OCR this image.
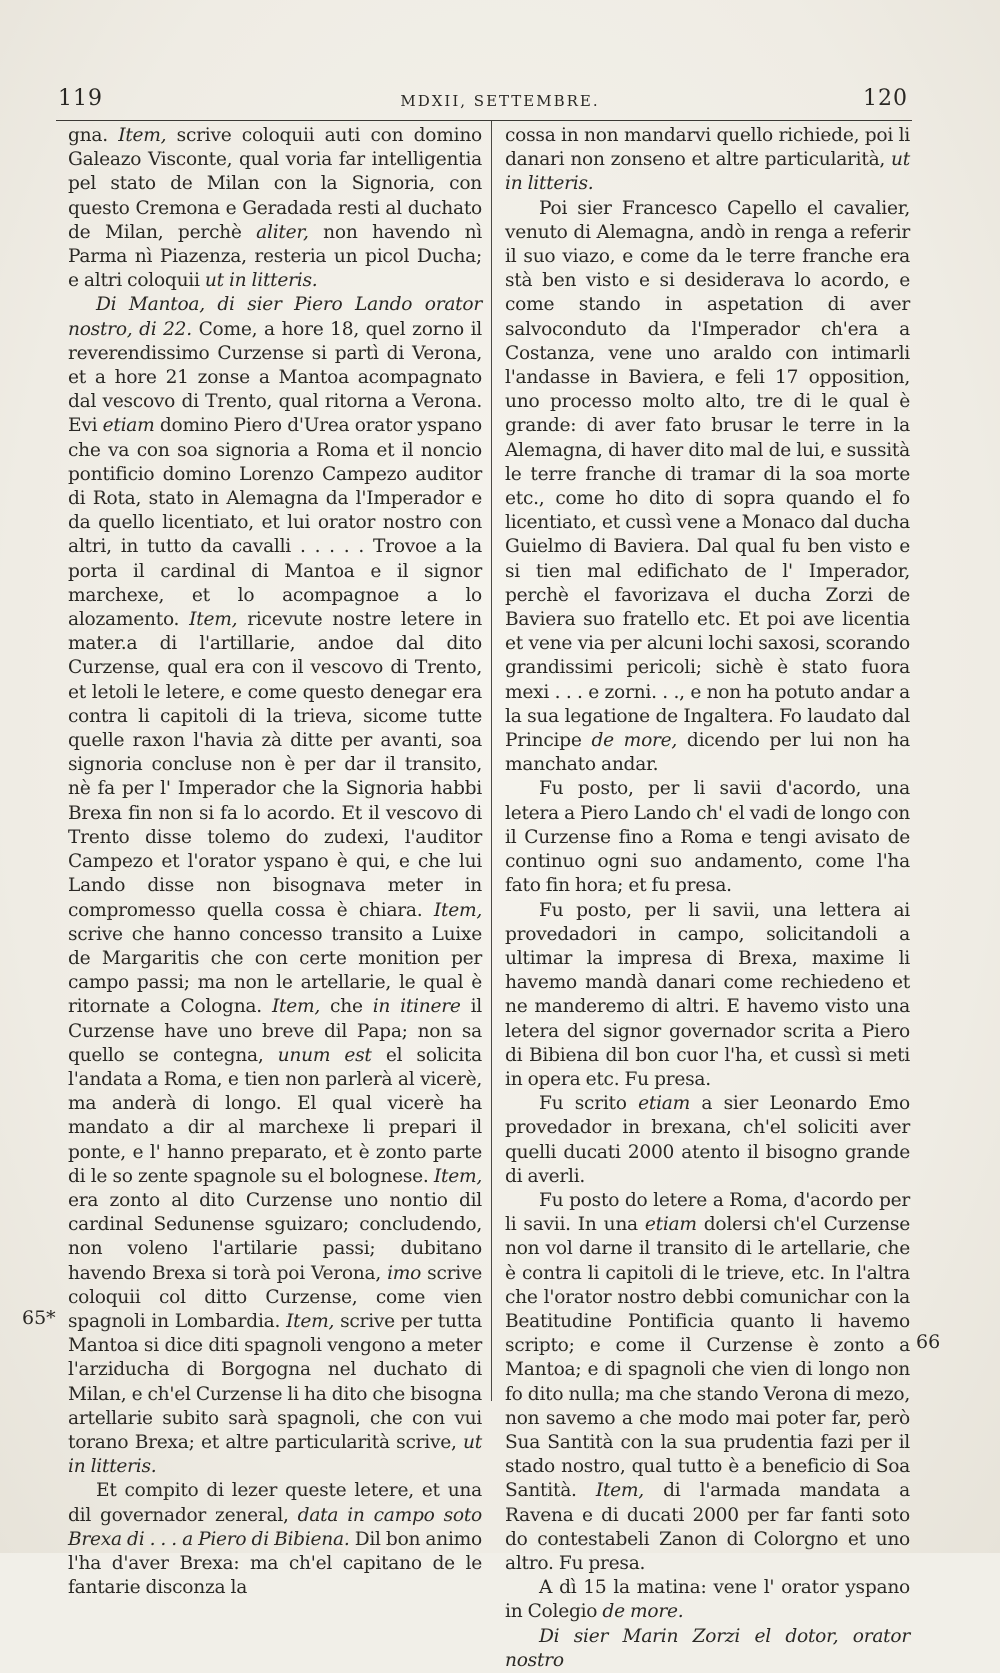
119	MDXII, SETTEMBRE.	120

gna. Item, scrive coloquii auti con domino Galeazo Visconte, qual voria far intelligentia pel stato de Milan con la Signoria, con questo Cremona e Geradada resti al duchato de Milan, perchè aliter, non havendo nì Parma nì Piazenza, resteria un picol Ducha; e altri coloquii ut in litteris.

Di Mantoa, di sier Piero Lando orator nostro, di 22. Come, a hore 18, quel zorno il reverendissimo Curzense si partì di Verona, et a hore 21 zonse a Mantoa acompagnato dal vescovo di Trento, qual ritorna a Verona. Evi etiam domino Piero d'Urea orator yspano che va con soa signoria a Roma et il noncio pontificio domino Lorenzo Campezo auditor di Rota, stato in Alemagna da l'Imperador e da quello licentiato, et lui orator nostro con altri, in tutto da cavalli . . . . . Trovoe a la porta il cardinal di Mantoa e il signor marchexe, et lo acompagnoe a lo alozamento. Item, ricevute nostre letere in mater.a di l'artillarie, andoe dal dito Curzense, qual era con il vescovo di Trento, et letoli le letere, e come questo denegar era contra li capitoli di la trieva, sicome tutte quelle raxon l'havia zà ditte per avanti, soa signoria concluse non è per dar il transito, nè fa per l' Imperador che la Signoria habbi Brexa fin non si fa lo acordo. Et il vescovo di Trento disse tolemo do zudexi, l'auditor Campezo et l'orator yspano è qui, e che lui Lando disse non bisognava meter in compromesso quella cossa è chiara. Item, scrive che hanno concesso transito a Luixe de Margaritis che con certe monition per campo passi; ma non le artellarie, le qual è ritornate a Cologna. Item, che in itinere il Curzense have uno breve dil Papa; non sa quello se contegna, unum est el solicita l'andata a Roma, e tien non parlerà al vicerè, ma anderà di longo. El qual vicerè ha mandato a dir al marchexe li prepari il ponte, e l' hanno preparato, et è zonto parte di le so zente spagnole su el bolognese. Item, era zonto al dito Curzense uno nontio dil cardinal Sedunense sguizaro; concludendo, non voleno l'artilarie passi; dubitano havendo Brexa si torà poi Verona, imo scrive coloquii col ditto Curzense, come vien spagnoli in Lombardia. Item, scrive per tutta Mantoa si dice diti spagnoli vengono a meter l'arziducha di Borgogna nel duchato di Milan, e ch'el Curzense li ha dito che bisogna artellarie subito sarà spagnoli, che con vui torano Brexa; et altre particularità scrive, ut in litteris.

Et compito di lezer queste letere, et una dil governador zeneral, data in campo soto Brexa di . . . a Piero di Bibiena. Dil bon animo l'ha d'aver Brexa: ma ch'el capitano de le fantarie disconza la

cossa in non mandarvi quello richiede, poi li danari non zonseno et altre particularità, ut in litteris.

Poi sier Francesco Capello el cavalier, venuto di Alemagna, andò in renga a referir il suo viazo, e come da le terre franche era stà ben visto e si desiderava lo acordo, e come stando in aspetation di aver salvoconduto da l'Imperador ch'era a Costanza, vene uno araldo con intimarli l'andasse in Baviera, e feli 17 opposition, uno processo molto alto, tre di le qual è grande: di aver fato brusar le terre in la Alemagna, di haver dito mal de lui, e sussità le terre franche di tramar di la soa morte etc., come ho dito di sopra quando el fo licentiato, et cussì vene a Monaco dal ducha Guielmo di Baviera. Dal qual fu ben visto e si tien mal edifichato de l' Imperador, perchè el favorizava el ducha Zorzi de Baviera suo fratello etc. Et poi ave licentia et vene via per alcuni lochi saxosi, scorando grandissimi pericoli; sichè è stato fuora mexi . . . e zorni. . ., e non ha potuto andar a la sua legatione de Ingaltera. Fo laudato dal Principe de more, dicendo per lui non ha manchato andar.

Fu posto, per li savii d'acordo, una letera a Piero Lando ch' el vadi de longo con il Curzense fino a Roma e tengi avisato de continuo ogni suo andamento, come l'ha fato fin hora; et fu presa.

Fu posto, per li savii, una lettera ai provedadori in campo, solicitandoli a ultimar la impresa di Brexa, maxime li havemo mandà danari come rechiedeno et ne manderemo di altri. E havemo visto una letera del signor governador scrita a Piero di Bibiena dil bon cuor l'ha, et cussì si meti in opera etc. Fu presa.

Fu scrito etiam a sier Leonardo Emo provedador in brexana, ch'el soliciti aver quelli ducati 2000 atento il bisogno grande di averli.

Fu posto do letere a Roma, d'acordo per li savii. In una etiam dolersi ch'el Curzense non vol darne il transito di le artellarie, che è contra li capitoli di le trieve, etc. In l'altra che l'orator nostro debbi comunichar con la Beatitudine Pontificia quanto li havemo scripto; e come il Curzense è zonto a Mantoa; e di spagnoli che vien di longo non fo dito nulla; ma che stando Verona di mezo, non savemo a che modo mai poter far, però Sua Santità con la sua prudentia fazi per il stado nostro, qual tutto è a beneficio di Soa Santità. Item, di l'armada mandata a Ravena e di ducati 2000 per far fanti soto do contestabeli Zanon di Colorgno et uno altro. Fu presa.

A dì 15 la matina: vene l' orator yspano in Colegio de more.

Di sier Marin Zorzi el dotor, orator nostro

65*
66
